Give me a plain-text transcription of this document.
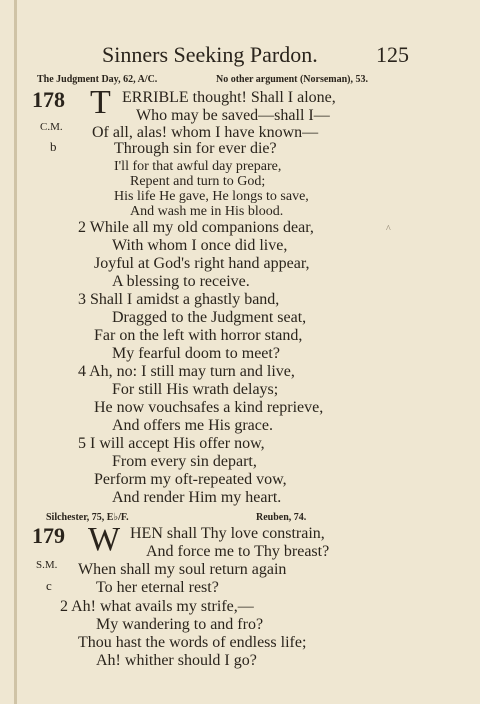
Sinners Seeking Pardon.	125
The Judgment Day, 62, A/C.	No other argument (Norseman), 53.
178 T
C.M.
b
ERRIBLE thought! Shall I alone,
Who may be saved—shall I—
Of all, alas! whom I have known—
Through sin for ever die?
I'll for that awful day prepare,
Repent and turn to God;
His life He gave, He longs to save,
And wash me in His blood.
2 While all my old companions dear,
With whom I once did live,
Joyful at God's right hand appear,
A blessing to receive.
3 Shall I amidst a ghastly band,
Dragged to the Judgment seat,
Far on the left with horror stand,
My fearful doom to meet?
4 Ah, no: I still may turn and live,
For still His wrath delays;
He now vouchsafes a kind reprieve,
And offers me His grace.
5 I will accept His offer now,
From every sin depart,
Perform my oft-repeated vow,
And render Him my heart.
^
Silchester, 75, E♭/F.	Reuben, 74.
179 W
S.M.
c
HEN shall Thy love constrain,
And force me to Thy breast?
When shall my soul return again
To her eternal rest?
2 Ah! what avails my strife,—
My wandering to and fro?
Thou hast the words of endless life;
Ah! whither should I go?
